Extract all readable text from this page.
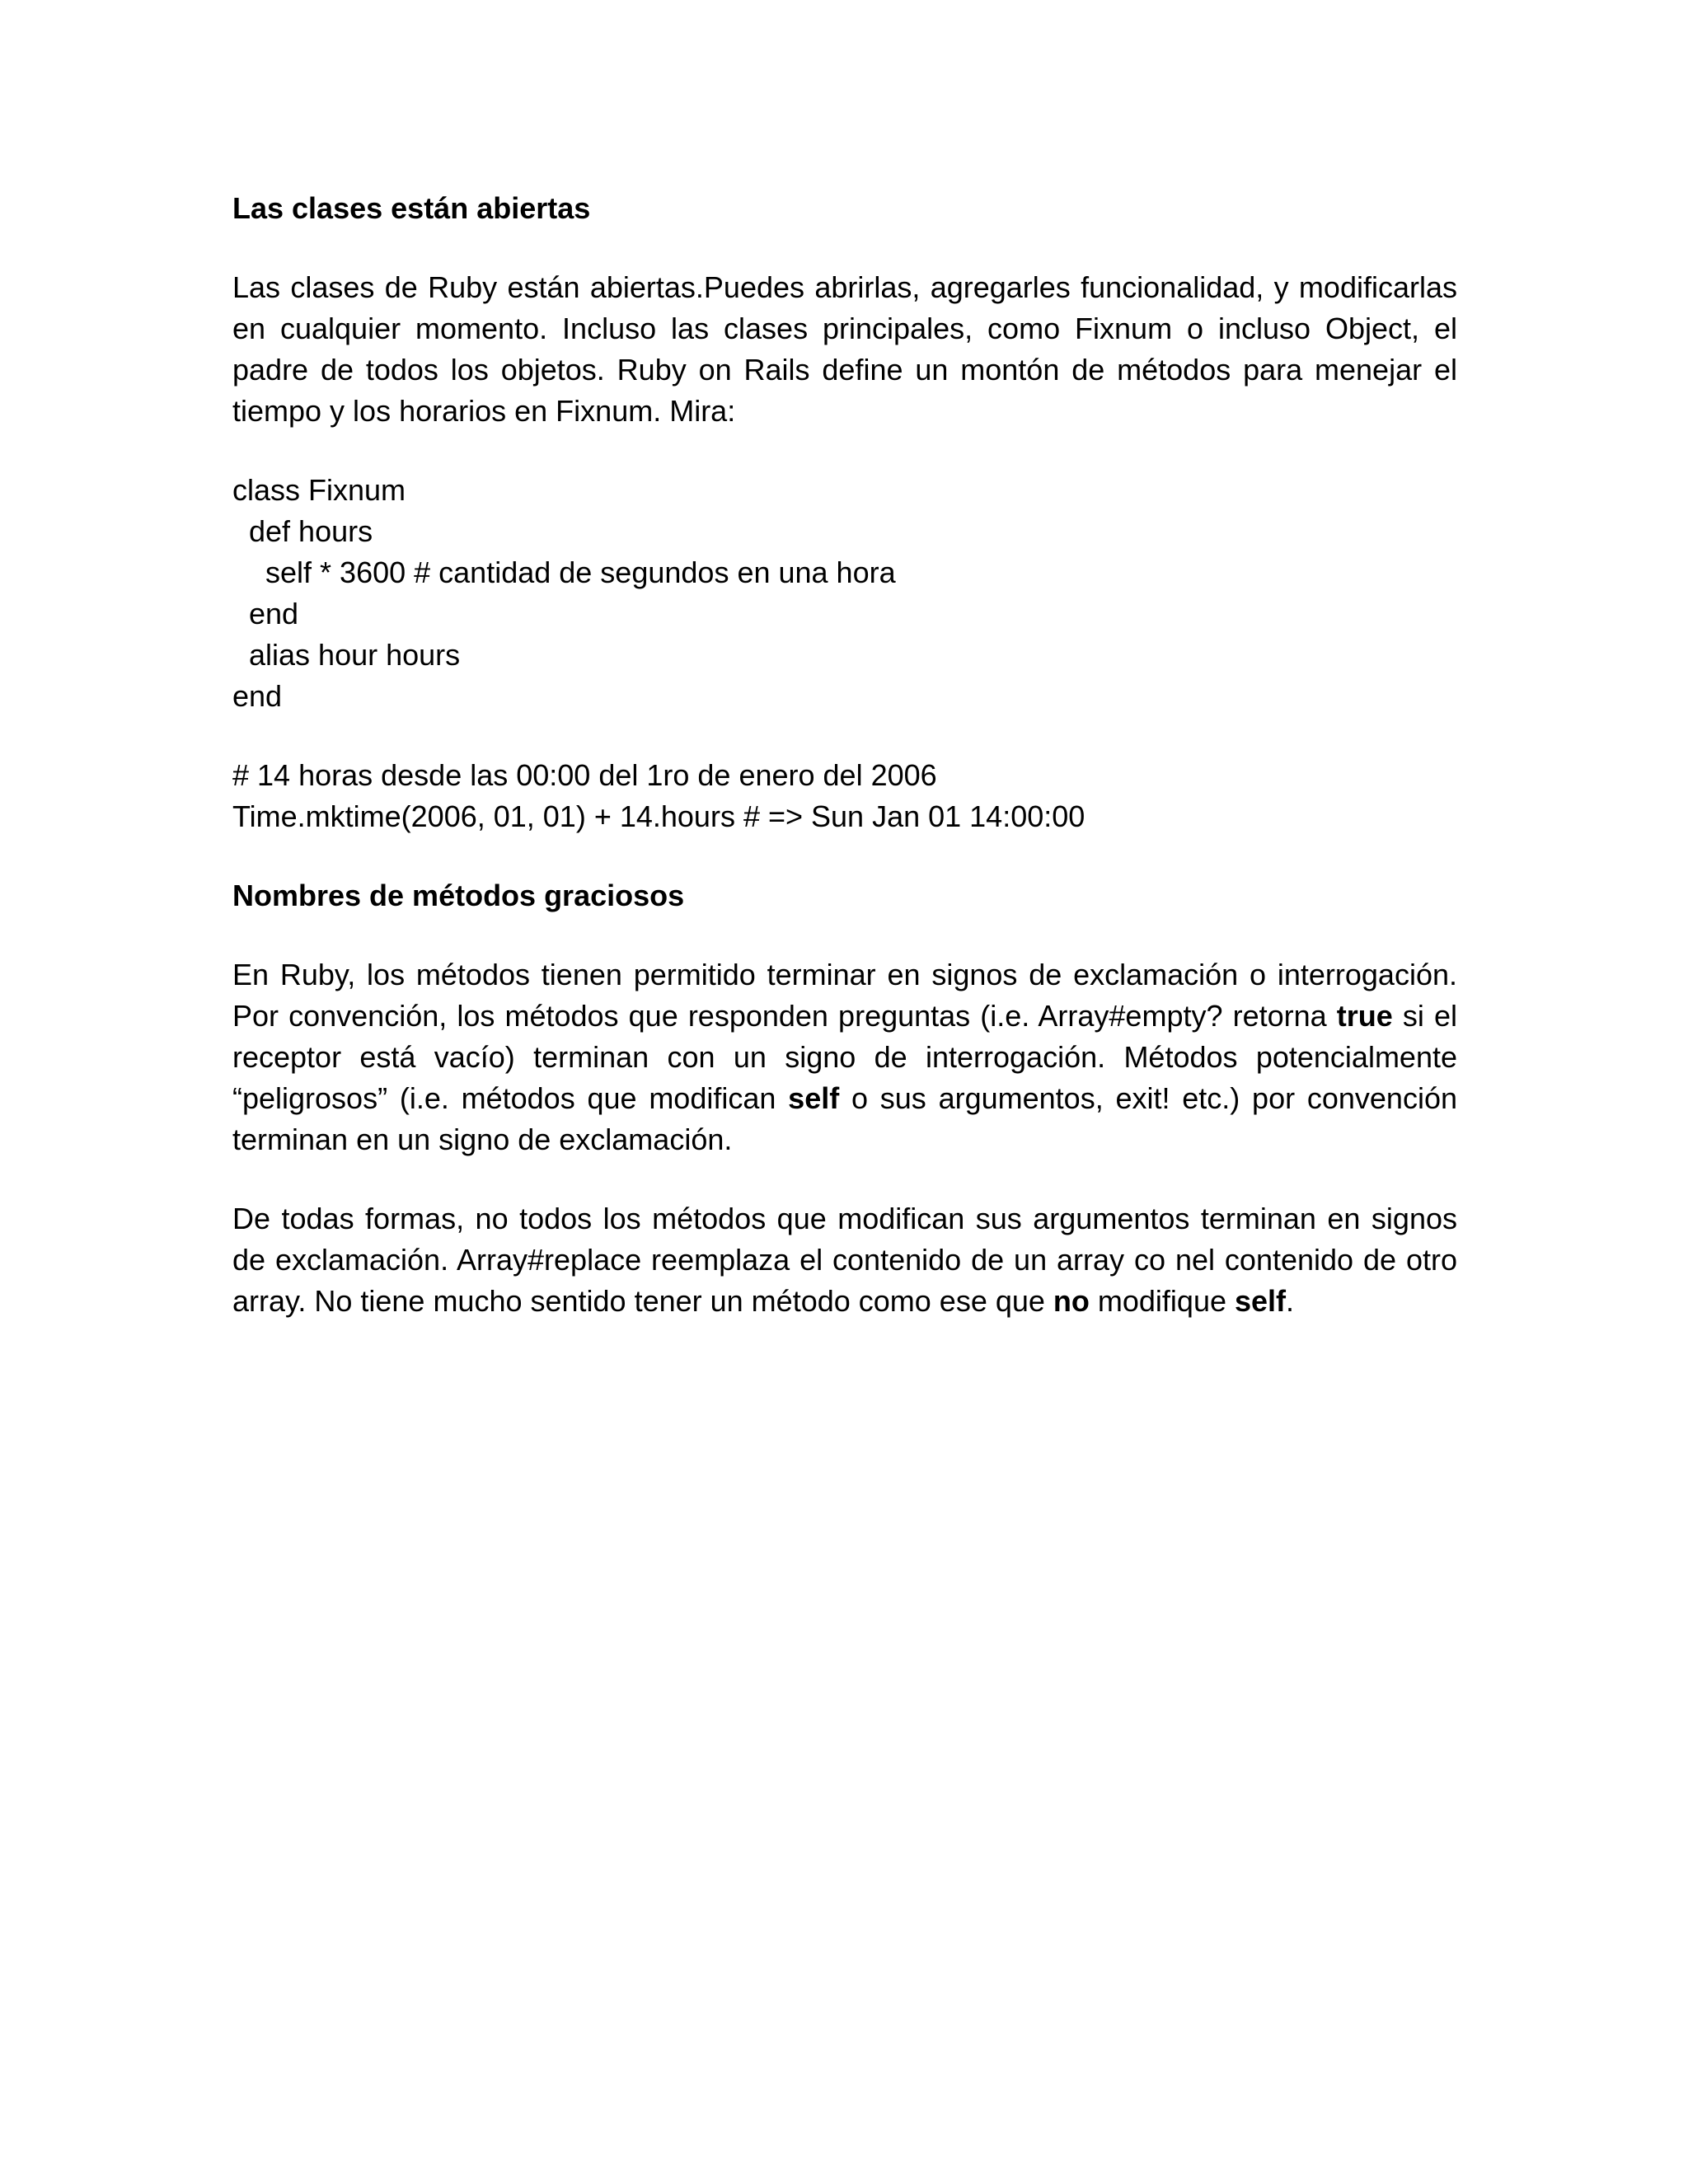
Las clases están abiertas

Las clases de Ruby están abiertas.Puedes abrirlas, agregarles funcionalidad, y modificarlas en cualquier momento. Incluso las clases principales, como Fixnum o incluso Object, el padre de todos los objetos. Ruby on Rails define un montón de métodos para menejar el tiempo y los horarios en Fixnum. Mira:

class Fixnum
def hours
self * 3600 # cantidad de segundos en una hora
end
alias hour hours
end
# 14 horas desde las 00:00 del 1ro de enero del 2006
Time.mktime(2006, 01, 01) + 14.hours # => Sun Jan 01 14:00:00
Nombres de métodos graciosos

En Ruby, los métodos tienen permitido terminar en signos de exclamación o interrogación. Por convención, los métodos que responden preguntas (i.e. Array#empty? retorna true si el receptor está vacío) terminan con un signo de interrogación. Métodos potencialmente “peligrosos” (i.e. métodos que modifican self o sus argumentos, exit! etc.) por convención terminan en un signo de exclamación.

De todas formas, no todos los métodos que modifican sus argumentos terminan en signos de exclamación. Array#replace reemplaza el contenido de un array co nel contenido de otro array. No tiene mucho sentido tener un método como ese que no modifique self.
